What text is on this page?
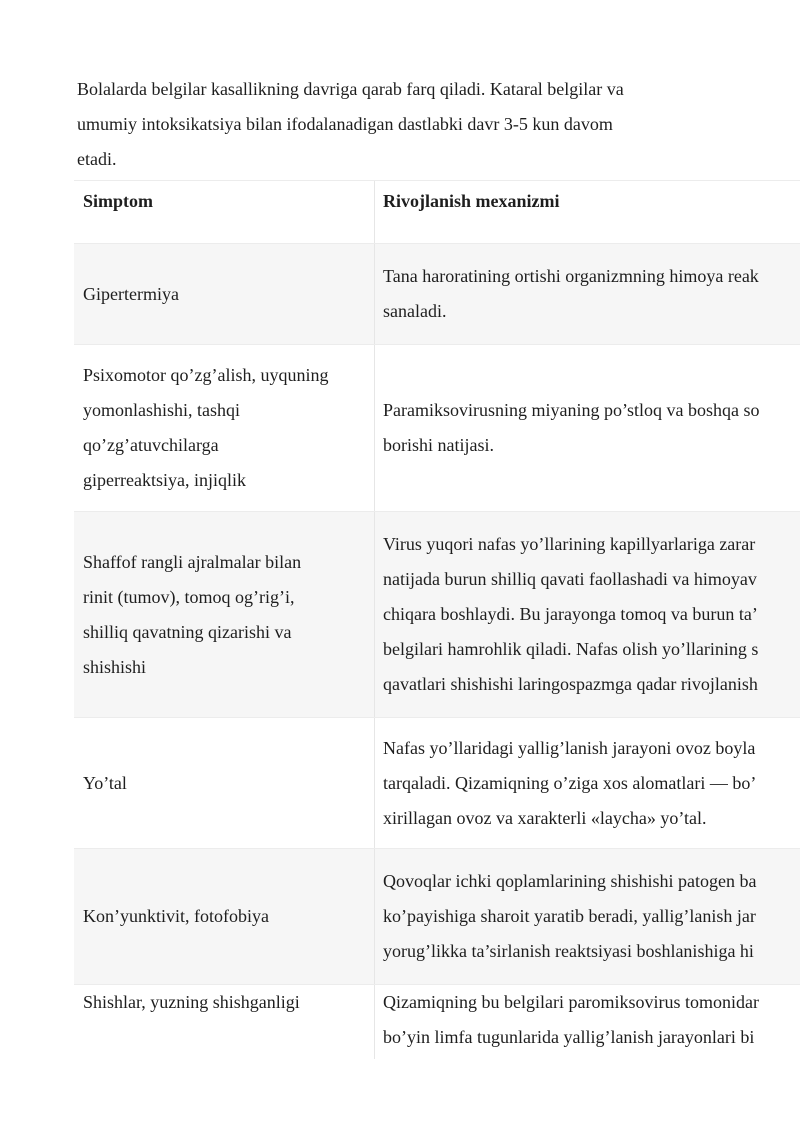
Bolalarda belgilar kasallikning davriga qarab farq qiladi. Kataral belgilar va
umumiy intoksikatsiya bilan ifodalanadigan dastlabki davr 3-5 kun davom
etadi.
Simptom	Rivojlanish mexanizmi
Gipertermiya
Tana haroratining ortishi organizmning himoya reak
sanaladi.
Psixomotor qo’zg’alish, uyquning
yomonlashishi, tashqi
qo’zg’atuvchilarga
giperreaktsiya, injiqlik
Paramiksovirusning miyaning po’stloq va boshqa so
borishi natijasi.
Shaffof rangli ajralmalar bilan
rinit (tumov), tomoq og’rig’i,
shilliq qavatning qizarishi va
shishishi
Virus yuqori nafas yo’llarining kapillyarlariga zarar
natijada burun shilliq qavati faollashadi va himoyav
chiqara boshlaydi. Bu jarayonga tomoq va burun ta’
belgilari hamrohlik qiladi. Nafas olish yo’llarining s
qavatlari shishishi laringospazmga qadar rivojlanish
Yo’tal
Nafas yo’llaridagi yallig’lanish jarayoni ovoz boyla
tarqaladi. Qizamiqning o’ziga xos alomatlari — bo’
xirillagan ovoz va xarakterli «laycha» yo’tal.
Kon’yunktivit, fotofobiya
Qovoqlar ichki qoplamlarining shishishi patogen ba
ko’payishiga sharoit yaratib beradi, yallig’lanish jar
yorug’likka ta’sirlanish reaktsiyasi boshlanishiga hi
Shishlar, yuzning shishganligi	Qizamiqning bu belgilari paromiksovirus tomonidar
bo’yin limfa tugunlarida yallig’lanish jarayonlari bi
